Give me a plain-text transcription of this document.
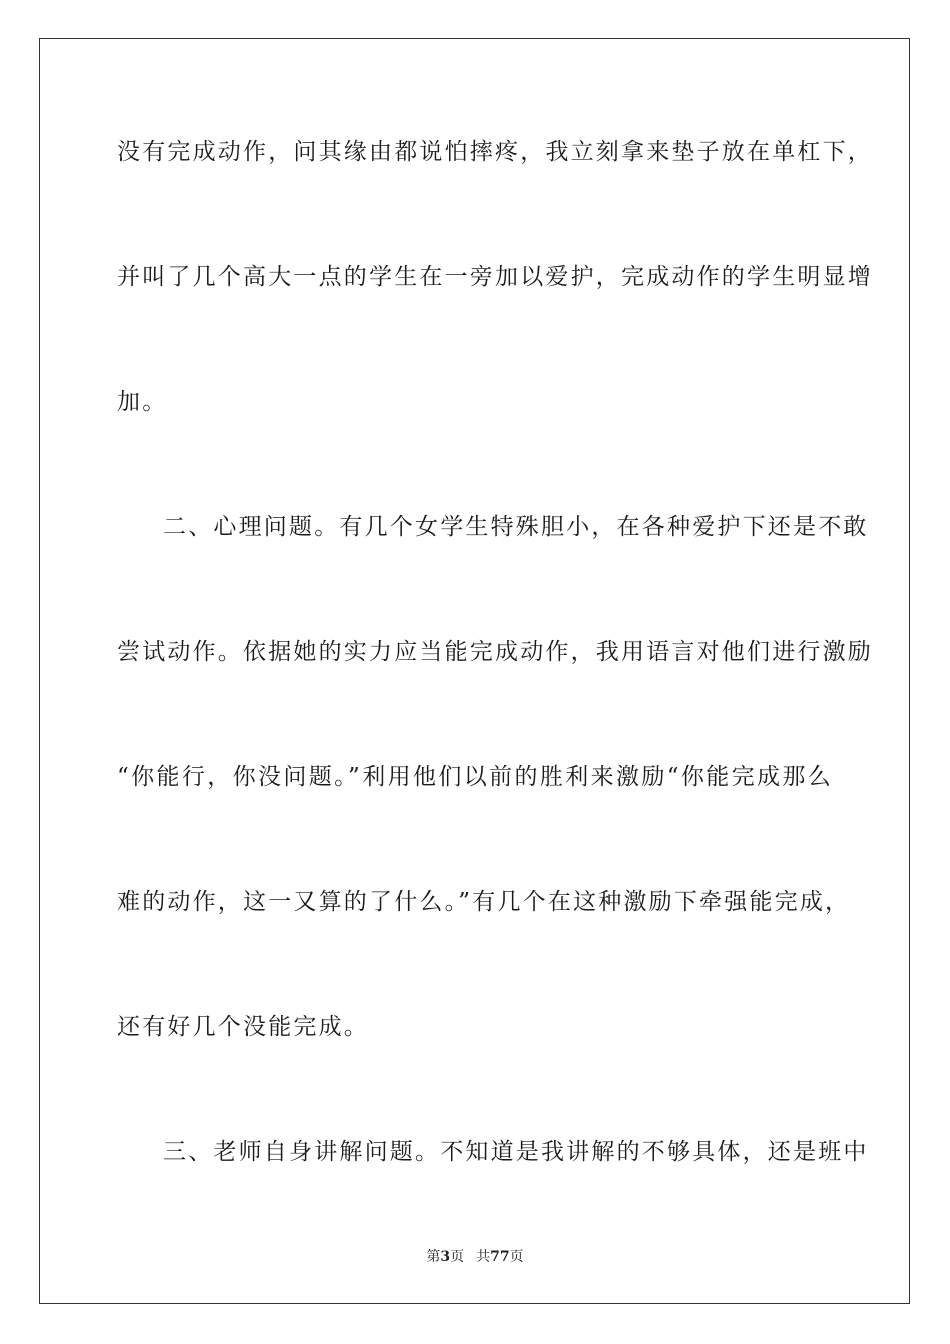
没有完成动作，问其缘由都说怕摔疼，我立刻拿来垫子放在单杠下，
并叫了几个高大一点的学生在一旁加以爱护，完成动作的学生明显增
加。
二、心理问题。有几个女学生特殊胆小，在各种爱护下还是不敢
尝试动作。依据她的实力应当能完成动作，我用语言对他们进行激励
“你能行，你没问题。”利用他们以前的胜利来激励“你能完成那么
难的动作，这一又算的了什么。”有几个在这种激励下牵强能完成，
还有好几个没能完成。
三、老师自身讲解问题。不知道是我讲解的不够具体，还是班中
第3页 共77页
